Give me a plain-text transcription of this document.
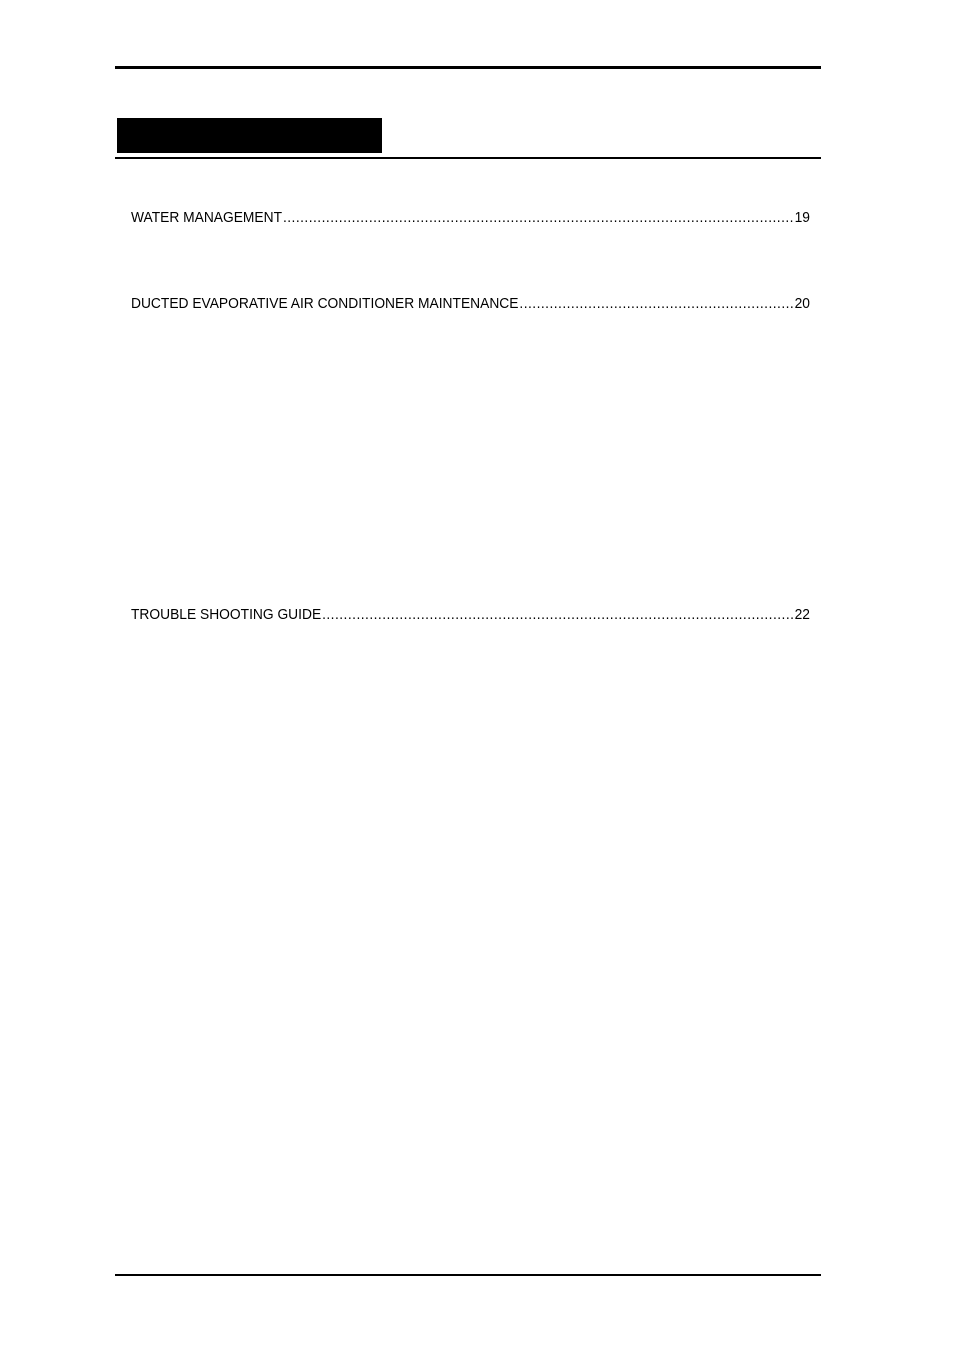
WATER MANAGEMENT .....	19
DUCTED EVAPORATIVE AIR CONDITIONER MAINTENANCE .....	20
TROUBLE SHOOTING GUIDE .....	22
